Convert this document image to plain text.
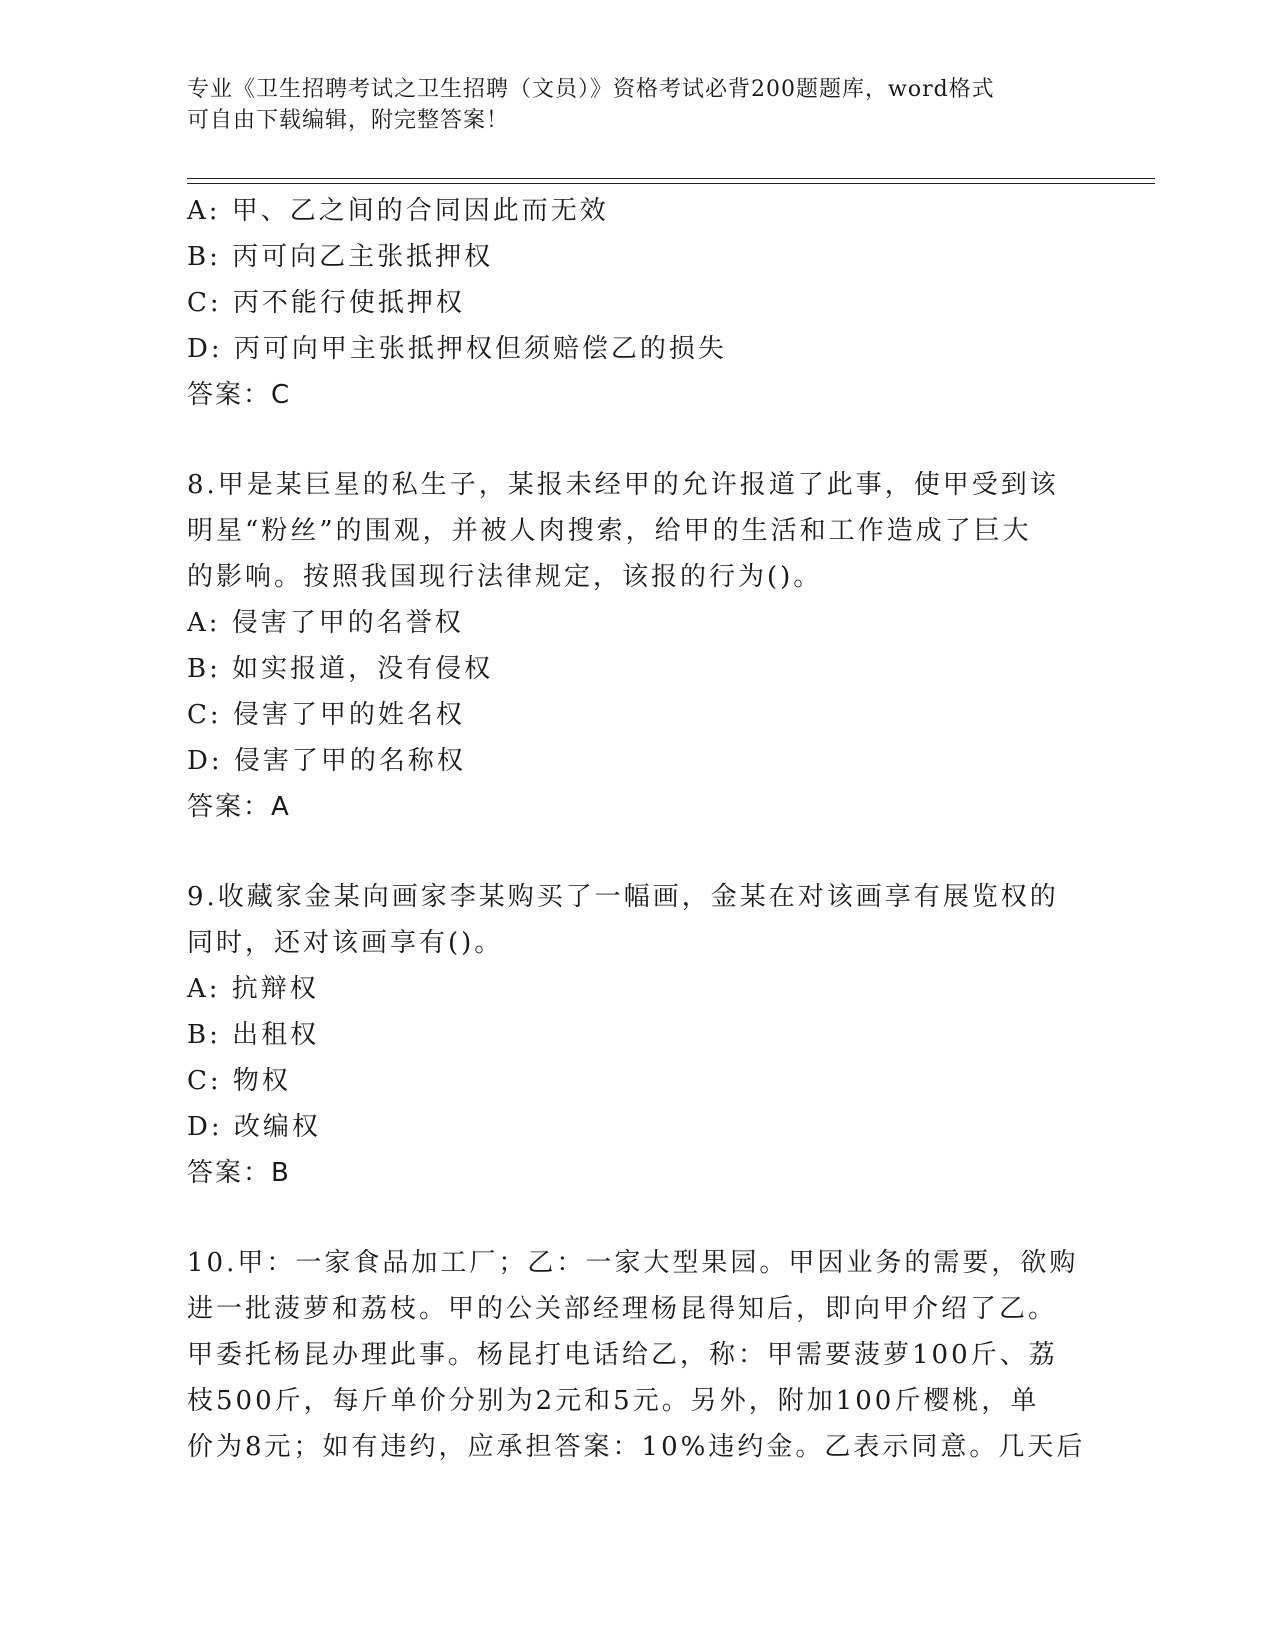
专业《卫生招聘考试之卫生招聘（文员）》资格考试必背200题题库，word格式
可自由下载编辑，附完整答案！
A: 甲、乙之间的合同因此而无效
B: 丙可向乙主张抵押权
C: 丙不能行使抵押权
D: 丙可向甲主张抵押权但须赔偿乙的损失
答案：C
8.甲是某巨星的私生子，某报未经甲的允许报道了此事，使甲受到该
明星“粉丝”的围观，并被人肉搜索，给甲的生活和工作造成了巨大
的影响。按照我国现行法律规定，该报的行为()。
A: 侵害了甲的名誉权
B: 如实报道，没有侵权
C: 侵害了甲的姓名权
D: 侵害了甲的名称权
答案：A
9.收藏家金某向画家李某购买了一幅画，金某在对该画享有展览权的
同时，还对该画享有()。
A: 抗辩权
B: 出租权
C: 物权
D: 改编权
答案：B
10.甲：一家食品加工厂；乙：一家大型果园。甲因业务的需要，欲购
进一批菠萝和荔枝。甲的公关部经理杨昆得知后，即向甲介绍了乙。
甲委托杨昆办理此事。杨昆打电话给乙，称：甲需要菠萝100斤、荔
枝500斤，每斤单价分别为2元和5元。另外，附加100斤樱桃，单
价为8元；如有违约，应承担答案：10%违约金。乙表示同意。几天后
